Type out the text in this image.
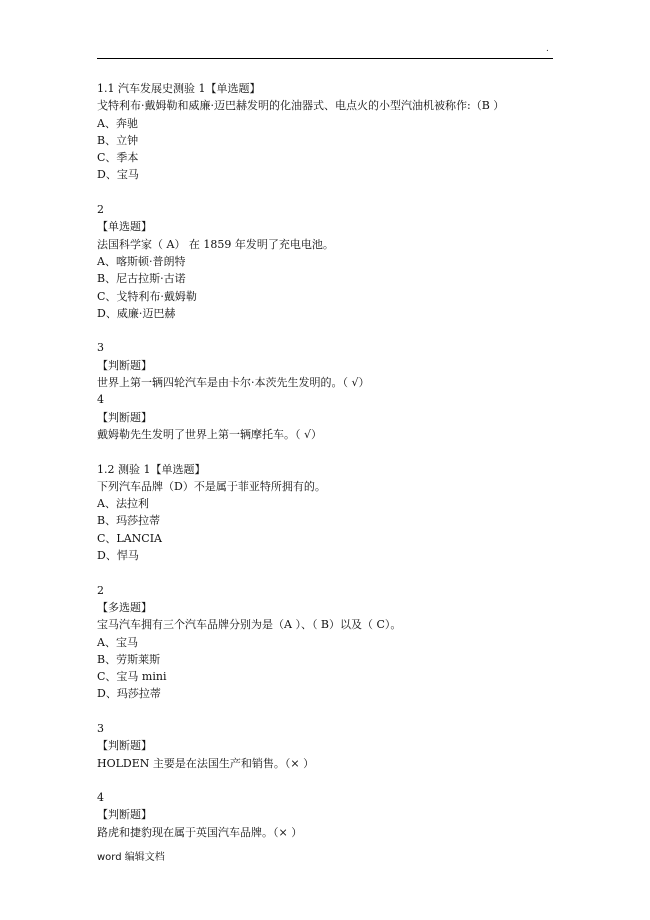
.
1.1 汽车发展史测验 1【单选题】
戈特利布·戴姆勒和威廉·迈巴赫发明的化油器式、电点火的小型汽油机被称作:（B ）
A、奔驰
B、立钟
C、季本
D、宝马
2
【单选题】
法国科学家（ A） 在 1859 年发明了充电电池。
A、喀斯顿·普朗特
B、尼古拉斯·古诺
C、戈特利布·戴姆勒
D、威廉·迈巴赫
3
【判断题】
世界上第一辆四轮汽车是由卡尔·本茨先生发明的。（ √）
4
【判断题】
戴姆勒先生发明了世界上第一辆摩托车。（ √）
1.2 测验 1【单选题】
下列汽车品牌（D）不是属于菲亚特所拥有的。
A、法拉利
B、玛莎拉蒂
C、LANCIA
D、悍马
2
【多选题】
宝马汽车拥有三个汽车品牌分别为是（A ）、（ B）以及（ C）。
A、宝马
B、劳斯莱斯
C、宝马 mini
D、玛莎拉蒂
3
【判断题】
HOLDEN 主要是在法国生产和销售。（× ）
4
【判断题】
路虎和捷豹现在属于英国汽车品牌。（× ）
word 编辑文档
